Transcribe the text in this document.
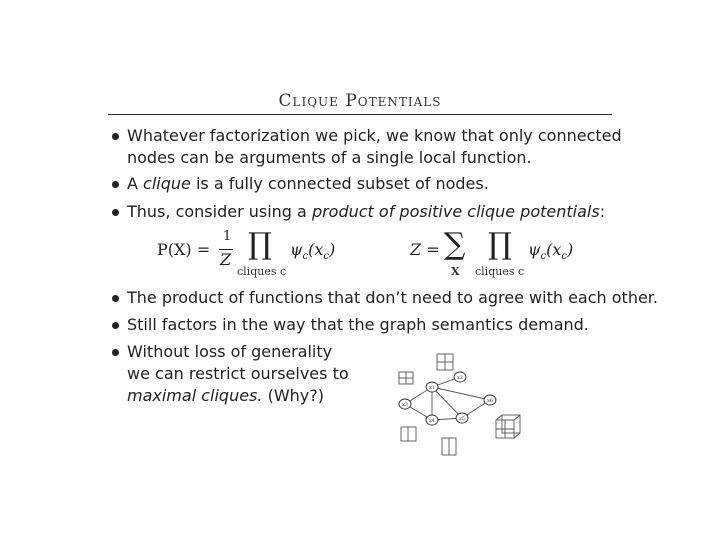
Clique Potentials
Whatever factorization we pick, we know that only connected
nodes can be arguments of a single local function.
A clique is a fully connected subset of nodes.
Thus, consider using a product of positive clique potentials:
P(X) =
1
Z ∏
cliques c
$\psi_c(x_c)$	Z = ∑
X
∏
cliques c
$\psi_c(x_c)$
The product of functions that don’t need to agree with each other.
Still factors in the way that the graph semantics demand.
Without loss of generality
we can restrict ourselves to
maximal cliques. (Why?)	x1
x2
x3
x4	x5
x6
